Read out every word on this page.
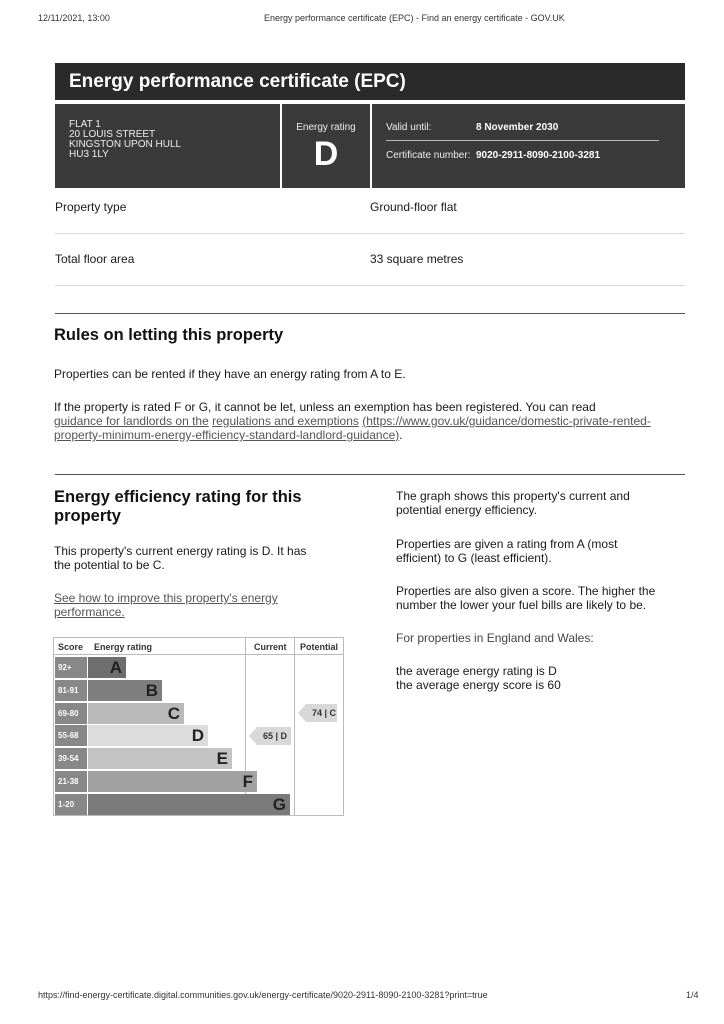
12/11/2021, 13:00	Energy performance certificate (EPC) - Find an energy certificate - GOV.UK
Energy performance certificate (EPC)
FLAT 1
20 LOUIS STREET
KINGSTON UPON HULL
HU3 1LY
Energy rating
D
Valid until:	8 November 2030
Certificate number: 9020-2911-8090-2100-3281
Property type	Ground-floor flat
Total floor area	33 square metres
Rules on letting this property
Properties can be rented if they have an energy rating from A to E.
If the property is rated F or G, it cannot be let, unless an exemption has been registered. You can read
guidance for landlords on the regulations and exemptions (https://www.gov.uk/guidance/domestic-private-rented-
property-minimum-energy-efficiency-standard-landlord-guidance).
Energy efficiency rating for this
property
This property's current energy rating is D. It has
the potential to be C.
See how to improve this property's energy
performance.
The graph shows this property's current and
potential energy efficiency.
Properties are given a rating from A (most
efficient) to G (least efficient).
Properties are also given a score. The higher the
number the lower your fuel bills are likely to be.
For properties in England and Wales:
the average energy rating is D
the average energy score is 60
Score Energy rating	Current Potential
92+	A
81-91	B
69-80	C
55-68	D
39-54	E
21-38	F
1-20	G
65 | D
74 | C
https://find-energy-certificate.digital.communities.gov.uk/energy-certificate/9020-2911-8090-2100-3281?print=true	1/4
